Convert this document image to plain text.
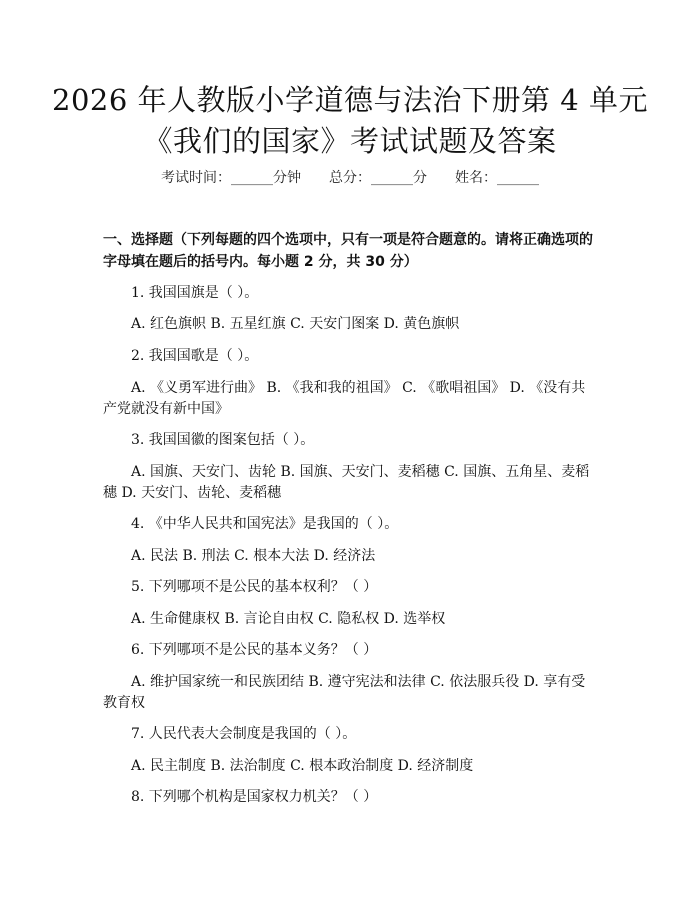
2026 年人教版小学道德与法治下册第 4 单元
《我们的国家》考试试题及答案
考试时间：______分钟 总分：______分 姓名：______
一、选择题（下列每题的四个选项中，只有一项是符合题意的。请将正确选项的
字母填在题后的括号内。每小题 2 分，共 30 分）
1. 我国国旗是（ ）。
A. 红色旗帜 B. 五星红旗 C. 天安门图案 D. 黄色旗帜
2. 我国国歌是（ ）。
A. 《义勇军进行曲》 B. 《我和我的祖国》 C. 《歌唱祖国》 D. 《没有共
产党就没有新中国》
3. 我国国徽的图案包括（ ）。
A. 国旗、天安门、齿轮 B. 国旗、天安门、麦稻穗 C. 国旗、五角星、麦稻
穗 D. 天安门、齿轮、麦稻穗
4. 《中华人民共和国宪法》是我国的（ ）。
A. 民法 B. 刑法 C. 根本大法 D. 经济法
5. 下列哪项不是公民的基本权利？（ ）
A. 生命健康权 B. 言论自由权 C. 隐私权 D. 选举权
6. 下列哪项不是公民的基本义务？（ ）
A. 维护国家统一和民族团结 B. 遵守宪法和法律 C. 依法服兵役 D. 享有受
教育权
7. 人民代表大会制度是我国的（ ）。
A. 民主制度 B. 法治制度 C. 根本政治制度 D. 经济制度
8. 下列哪个机构是国家权力机关？（ ）
